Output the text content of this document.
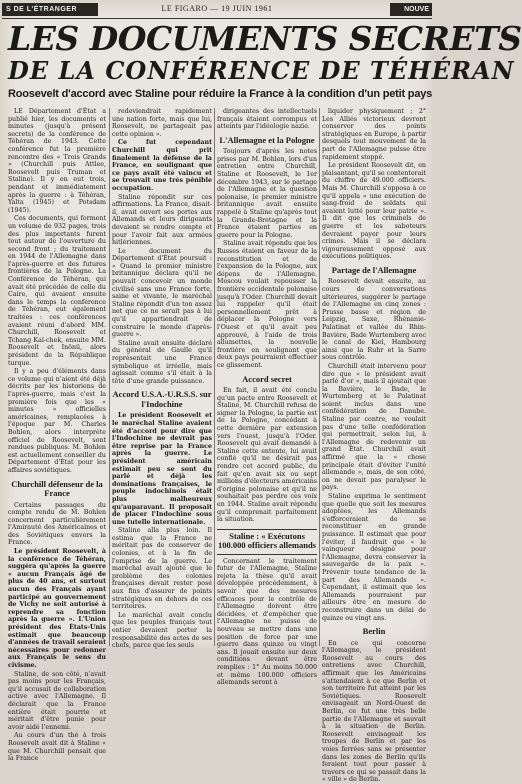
S DE L'ÉTRANGER	LE FIGARO — 19 JUIN 1961	NOUVE
LES DOCUMENTS SECRETS
DE LA CONFÉRENCE DE TÉHÉRAN
Roosevelt d'accord avec Staline pour réduire la France à la condition d'un petit pays

LE Département d'État a publié hier, les documents et minutes (jusqu'à présent secrets) de la conférence de Téhéran de 1943. Cette conférence fut la première rencontre des « Trois Grands » (Churchill puis Attlee, Roosevelt puis Truman et Staline). Il y en eut trois, pendant et immédiatement après la guerre : à Téhéran, Yalta (1945) et Potsdam (1945).

Ces documents, qui forment un volume de 932 pages, trois des plus importants furent tout autour de l'ouverture du second front ; du traitement en 1944 de l'Allemagne dans l'après-guerre et des futures frontières de la Pologne. La Conférence de Téhéran, qui avait été précédée de celle du Caire, qui avaient ensuite dans le temps la conférence de Téhéran, eut également traitées : ces conférences avaient réuni d'abord MM. Churchill, Roosevelt et Tchang Kaï-chek, ensuite MM. Roosevelt et Inönü, alors président de la République turque.

Il y a peu d'éléments dans ce volume qui n'aient été déjà décrits par les historiens de l'après-guerre, mais c'est la première fois que les « minutes » officielles américaines, remplacées à l'époque par M. Charles Bohlen, alors interprète officiel de Roosevelt, sont rendues publiques. M. Bohlen est actuellement conseiller du Département d'État pour les affaires soviétiques.

Churchill défenseur de la France

Certains passages du compte rendu de M. Bohlen concernent particulièrement l'Amirauté des Américaines et des Soviétiques envers la France.

Le président Roosevelt, à la conférence de Téhéran, suggéra qu'après la guerre « aucun Français âgé de plus de 40 ans, et surtout aucun des Français ayant participé au gouvernement de Vichy ne soit autorisé à reprendre sa fonction après la guerre ». L'Union président des États-Unis estimait que beaucoup d'années de travail seraient nécessaires pour redonner aux Français le sens du civisme.

Staline, de son côté, n'avait pas moins pour les Français, qu'il accusait de collaboration active avec l'Allemagne. Il déclarait que la France entière était pourrie et méritait d'être punie pour avoir aidé l'ennemi.

Au cours d'un thé à trois Roosevelt avait dit à Staline « que M. Churchill pensait que la France

redeviendrait rapidement une nation forte, mais que lui, Roosevelt, ne partageait pas cette opinion ».

Ce fut cependant Churchill qui prit finalement la défense de la France, en soulignant que ce pays avait été vaincu et se trouvait une très pénible occupation.

Staline répondit sur ces affirmations. La France, disait-il, avait ouvert ses portes aux Allemands et leurs dirigeants devaient se rendre compte et pour l'avoir fait aux armées hitlériennes.

Le document du Département d'État poursuit : « Quand le premier ministre britannique déclara qu'il ne pouvait concevoir un monde civilisé sans une France forte, saine et vivante, le maréchal Staline répondit d'un ton assez net que ce ne serait pas à lui qu'il appartiendrait de construire le monde d'après-guerre ».

Staline avait ensuite déclaré du général de Gaulle qu'il représentait une France symbolique et irréelle, mais agissait comme s'il était à la tête d'une grande puissance.

Accord U.S.A.-U.R.S.S. sur l'Indochine

Le président Roosevelt et le maréchal Staline avaient été d'accord pour dire que l'Indochine ne devrait pas être reprise par la France après la guerre. Le président américain estimait peu se sont du parlé et déjà les dominations françaises, le peuple indochinois était plus malheureux qu'auparavant. Il proposait de placer l'Indochine sous une tutelle internationale.

Staline alla plus loin. Il estima que la France ne méritait pas de conserver de colonies, et à la fin de l'emprise de la guerre. Le maréchal avait ajouté que le problème des colonies françaises devait rester posé aux fins d'assurer de points stratégiques en dehors de ces territoires.

Le maréchal avait conclu que les peuples français tout entier devaient porter la responsabilité des actes de ses chefs, parce que les seuls

dirigeantes des intellectuels français étaient corrompus et atteints par l'idéologie nazie.

L'Allemagne et la Pologne

Toujours d'après les notes prises par M. Bohlen, lors d'un entretien entre Churchill, Staline et Roosevelt, le 1er décembre 1943, sur le partage de l'Allemagne et la question polonaise, le premier ministre britannique avait ensuite rappelé à Staline qu'après tout la Grande-Bretagne et la France étaient parties en guerre pour la Pologne.

Staline avait répondu que les Russes étaient en faveur de la reconstitution et de l'expansion de la Pologne, aux dépens de l'Allemagne. Moscou voulait repousser la frontière occidentale polonaise jusqu'à l'Oder. Churchill devait lui rappeler qu'il était personnellement prêt à déplacer la Pologne vers l'Ouest et qu'il avait peu approuvé, à l'aide de trois allumettes, la nouvelle frontière en soulignant que deux pays pourraient effectuer ce glissement.

Accord secret

En fait, il avait été conclu qu'un pacte entre Roosevelt et Staline, M. Churchill refusa de signer la Pologne, la partie est de la Pologne, concédant à cette dernière par extension vers l'ouest, jusqu'à l'Oder. Roosevelt qui avait demandé à Staline cette entente, lui avait confié qu'il ne désirait pas rendre cet accord public, du fait qu'en avait six ou sept millions d'électeurs américains d'origine polonaise et qu'il ne souhaitait pas perdre ces voix en 1944. Staline avait répondu qu'il comprenait parfaitement la situation.

Staline : « Exécutons 100.000 officiers allemands

Concernant le traitement futur de l'Allemagne, Staline rejeta la thèse qu'il avait développée précédemment, à savoir que des mesures efficaces pour le contrôle de l'Allemagne doivent être décidées, et d'empêcher que l'Allemagne ne puisse de nouveau se mettre dans une position de force par une guerre dans quinze ou vingt ans. Il jouait ensuite sur deux conditions devant être remplies : 1° Au moins 50.000 et même 100.000 officiers allemands seront à

liquider physiquement ; 2° Les Alliés victorieux devront conserver des points stratégiques en Europe, à partir desquels tout mouvement de la part de l'Allemagne pulsse être rapidement stoppé.

Le président Roosevelt dit, en plaisantant, qu'il se contenterait du chiffre de 49.000 officiers. Mais M. Churchill s'opposa à ce qu'il appela « une exécution de sang-froid de soldats qui avaient lutté pour leur patrie ». Il dit que les criminels de guerre et les saboteurs devraient payer pour leurs crimes. Mais il se déclara vigoureusement opposé aux exécutions politiques.

Partage de l'Allemagne

Roosevelt devait ensuite, au cours de conversations ultérieures, suggérer le partage de l'Allemagne en cinq zones : Prusse basse et région de Leipzig, Saxe, Rhénanie-Palatinat et vallée du Rhin-Bavière, Bade Wurtemberg avec le canal de Kiel, Hambourg ainsi que la Ruhr et la Sarre sous contrôle.

Churchill était intervenu pour dire que « le président avait parlé d'or », mais il ajoutait que la Bavière, le Bade, le Wurtemberg et le Palatinat soient inclus dans une confédération de Danube. Staline par contre, ne voulait pas d'une telle confédération qui permettrait, selon lui, à l'Allemagne de redevenir un grand État. Churchill avait affirmé que la « chose principale était d'éviter l'unité allemande », mais, de son côté, on ne devait pas paralyser le pays.

Staline exprima le sentiment que quelle que soit les mesures adoptées, les Allemands s'efforceraient de se reconstituer en grande puissance. Il estimait que pour l'éviter, il faudrait que « le vainqueur désigné pour l'Allemagne, devra conserver la sauvegarde de la paix ». Prévenir toute tendance de la part des Allemands ». Cependant, il estimait que les Allemands pourraient par ailleurs être en mesure de reconstruire dans un délai de quinze ou vingt ans.

Berlin

En ce qui concerne l'Allemagne, le président Roosevelt au cours des entretiens avec Churchill, affirmait que les Américains s'attendaient à ce que Berlin et son territoire fut atteint par les Soviétiques. Roosevelt envisageait un Nord-Ouest de Berlin, ce fut une très belle partie de l'Allemagne et sauvait à la situation de Berlin. Roosevelt envisageait les troupes de Berlin et par les voies ferrées sans se présenter dans les zones de Berlin qu'ils feraient tout pour passer à travers ce qui se passait dans la « ville » de Berlin.
